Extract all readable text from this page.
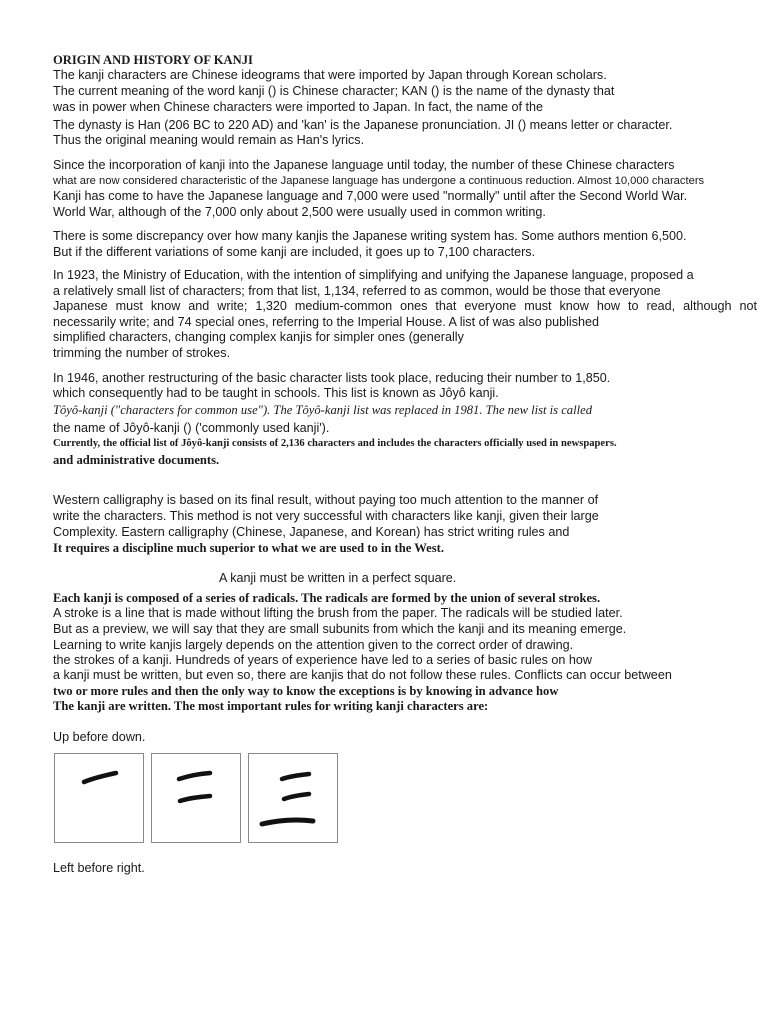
ORIGIN AND HISTORY OF KANJI
The kanji characters are Chinese ideograms that were imported by Japan through Korean scholars.
The current meaning of the word kanji () is Chinese character; KAN () is the name of the dynasty that
was in power when Chinese characters were imported to Japan. In fact, the name of the
The dynasty is Han (206 BC to 220 AD) and 'kan' is the Japanese pronunciation. JI () means letter or character.
Thus the original meaning would remain as Han's lyrics.
Since the incorporation of kanji into the Japanese language until today, the number of these Chinese characters
what are now considered characteristic of the Japanese language has undergone a continuous reduction. Almost 10,000 characters
Kanji has come to have the Japanese language and 7,000 were used "normally" until after the Second World War.
World War, although of the 7,000 only about 2,500 were usually used in common writing.
There is some discrepancy over how many kanjis the Japanese writing system has. Some authors mention 6,500.
But if the different variations of some kanji are included, it goes up to 7,100 characters.
In 1923, the Ministry of Education, with the intention of simplifying and unifying the Japanese language, proposed a
a relatively small list of characters; from that list, 1,134, referred to as common, would be those that everyone
Japanese must know and write; 1,320 medium-common ones that everyone must know how to read, although not
necessarily write; and 74 special ones, referring to the Imperial House. A list of was also published
simplified characters, changing complex kanjis for simpler ones (generally
trimming the number of strokes.
In 1946, another restructuring of the basic character lists took place, reducing their number to 1,850.
which consequently had to be taught in schools. This list is known as Jôyô kanji.
Tôyô-kanji ("characters for common use"). The Tôyô-kanji list was replaced in 1981. The new list is called
the name of Jôyô-kanji () ('commonly used kanji').
Currently, the official list of Jôyô-kanji consists of 2,136 characters and includes the characters officially used in newspapers.
and administrative documents.
Western calligraphy is based on its final result, without paying too much attention to the manner of
write the characters. This method is not very successful with characters like kanji, given their large
Complexity. Eastern calligraphy (Chinese, Japanese, and Korean) has strict writing rules and
It requires a discipline much superior to what we are used to in the West.
A kanji must be written in a perfect square.
Each kanji is composed of a series of radicals. The radicals are formed by the union of several strokes.
A stroke is a line that is made without lifting the brush from the paper. The radicals will be studied later.
But as a preview, we will say that they are small subunits from which the kanji and its meaning emerge.
Learning to write kanjis largely depends on the attention given to the correct order of drawing.
the strokes of a kanji. Hundreds of years of experience have led to a series of basic rules on how
a kanji must be written, but even so, there are kanjis that do not follow these rules. Conflicts can occur between
two or more rules and then the only way to know the exceptions is by knowing in advance how
The kanji are written. The most important rules for writing kanji characters are:
Up before down.
Left before right.
